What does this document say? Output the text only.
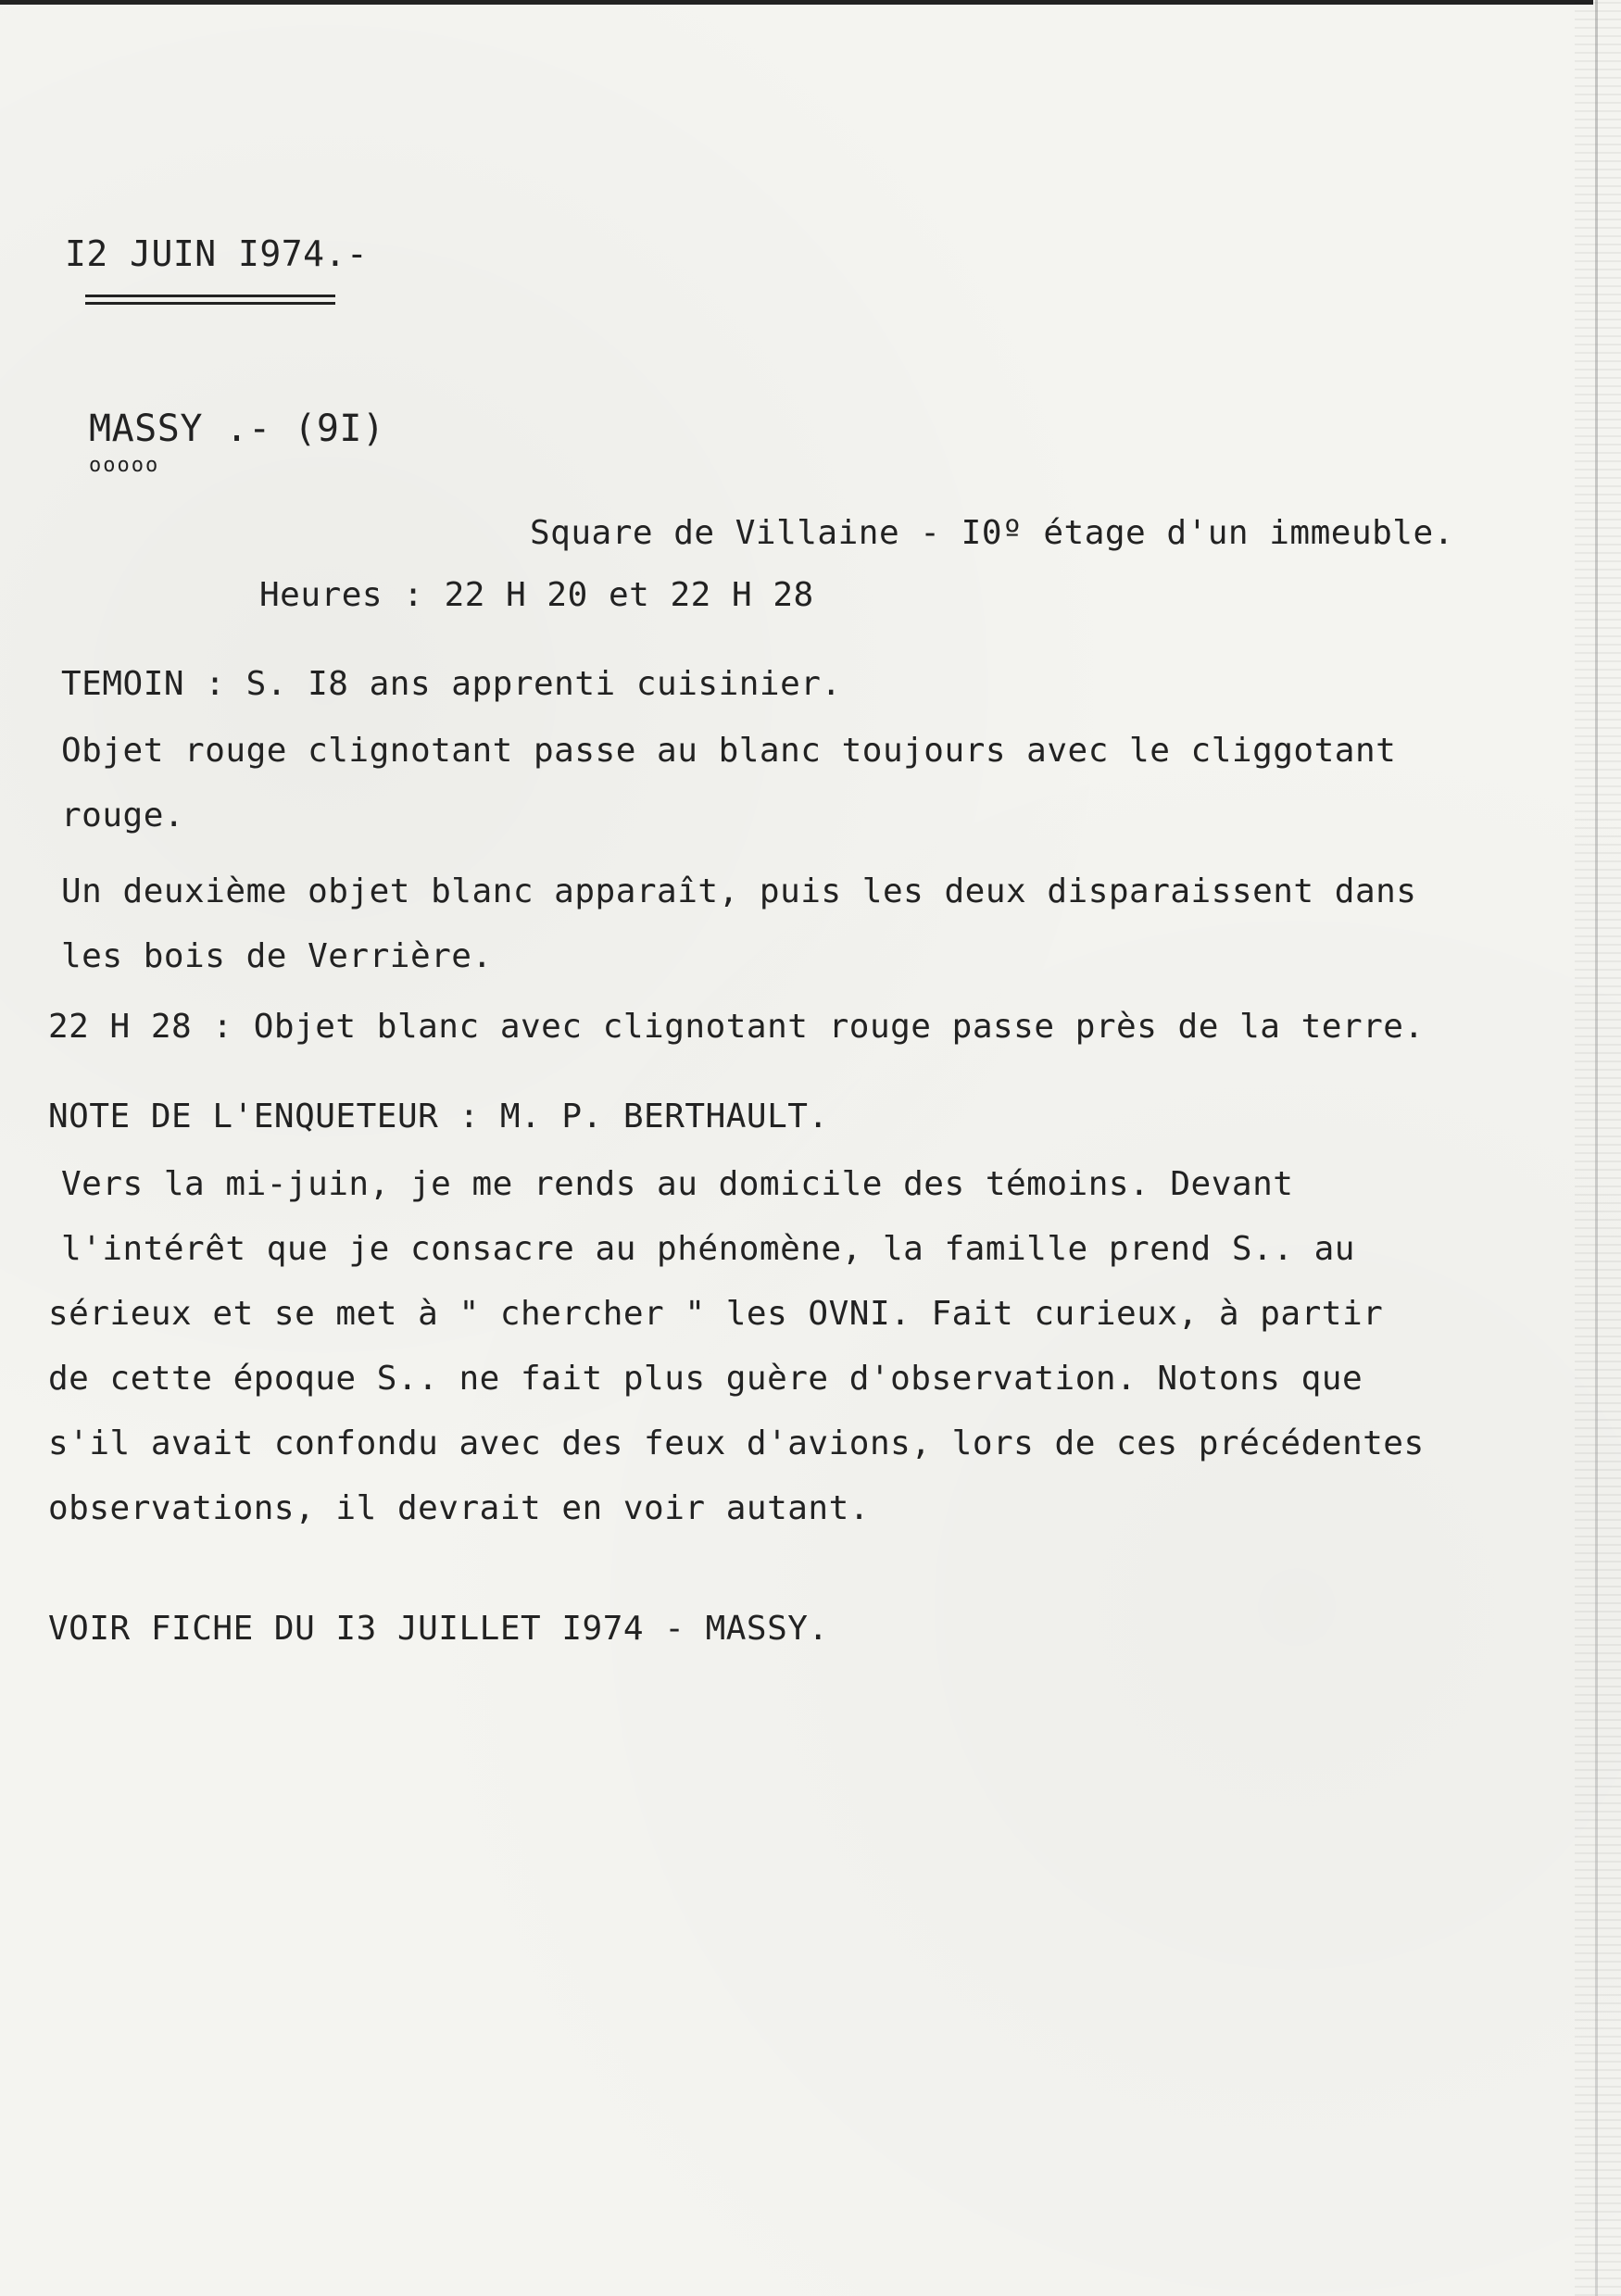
I2 JUIN I974.-
MASSY .- (9I)
ooooo
Square de Villaine - I0º étage d'un immeuble.
Heures : 22 H 20 et 22 H 28
TEMOIN : S. I8 ans apprenti cuisinier.
Objet rouge clignotant passe au blanc toujours avec le cliggotant
rouge.
Un deuxième objet blanc apparaît, puis les deux disparaissent dans
les bois de Verrière.
22 H 28 : Objet blanc avec clignotant rouge passe près de la terre.
NOTE DE L'ENQUETEUR : M. P. BERTHAULT.
Vers la mi-juin, je me rends au domicile des témoins. Devant
l'intérêt que je consacre au phénomène, la famille prend S.. au
sérieux et se met à " chercher " les OVNI. Fait curieux, à partir
de cette époque S.. ne fait plus guère d'observation. Notons que
s'il avait confondu avec des feux d'avions, lors de ces précédentes
observations, il devrait en voir autant.
VOIR FICHE DU I3 JUILLET I974 - MASSY.
